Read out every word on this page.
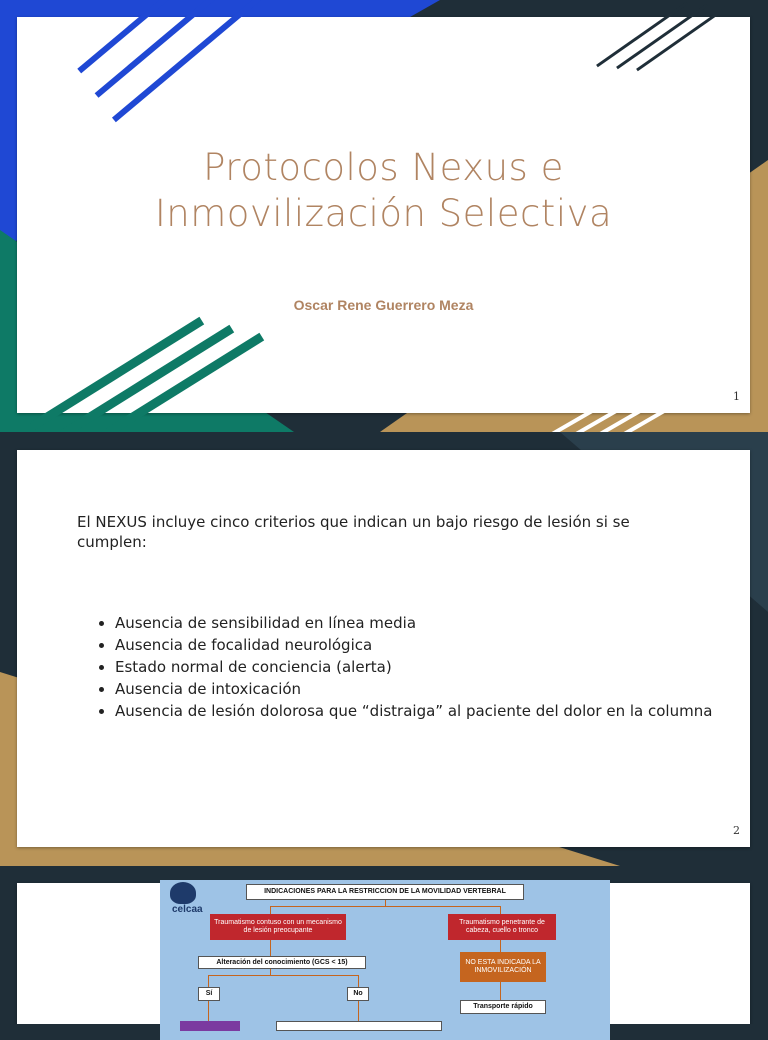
Protocolos Nexus e
Inmovilización Selectiva
Oscar Rene Guerrero Meza
1
El NEXUS incluye cinco criterios que indican un bajo riesgo de lesión si se cumplen:
• Ausencia de sensibilidad en línea media
• Ausencia de focalidad neurológica
• Estado normal de conciencia (alerta)
• Ausencia de intoxicación
• Ausencia de lesión dolorosa que “distraiga” al paciente del dolor en la columna
2
celcaa
INDICACIONES PARA LA RESTRICCION DE LA MOVILIDAD VERTEBRAL
Traumatismo contuso con un mecanismo de lesión preocupante
Traumatismo penetrante de cabeza, cuello o tronco
Alteración del conocimiento (GCS < 15)	NO ESTA INDICADA LA INMOVILIZACIÓN
Sí	No
Transporte rápido
